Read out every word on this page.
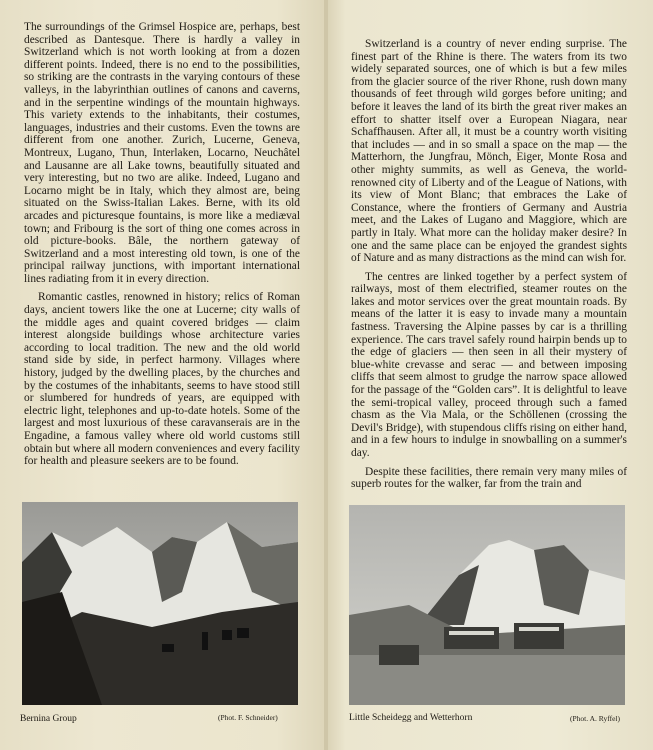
The surroundings of the Grimsel Hospice are, perhaps, best described as Dantesque. There is hardly a valley in Switzerland which is not worth looking at from a dozen different points. Indeed, there is no end to the possibilities, so striking are the contrasts in the varying contours of these valleys, in the labyrinthian outlines of canons and caverns, and in the serpentine windings of the mountain highways. This variety extends to the inhabitants, their costumes, languages, industries and their customs. Even the towns are different from one another. Zurich, Lucerne, Geneva, Montreux, Lugano, Thun, Interlaken, Locarno, Neuchâtel and Lausanne are all Lake towns, beautifully situated and very interesting, but no two are alike. Indeed, Lugano and Locarno might be in Italy, which they almost are, being situated on the Swiss-Italian Lakes. Berne, with its old arcades and picturesque fountains, is more like a mediæval town; and Fribourg is the sort of thing one comes across in old picture-books. Bâle, the northern gateway of Switzerland and a most interesting old town, is one of the principal railway junctions, with important international lines radiating from it in every direction.

Romantic castles, renowned in history; relics of Roman days, ancient towers like the one at Lucerne; city walls of the middle ages and quaint covered bridges — claim interest alongside buildings whose architecture varies according to local tradition. The new and the old world stand side by side, in perfect harmony. Villages where history, judged by the dwelling places, by the churches and by the costumes of the inhabitants, seems to have stood still or slumbered for hundreds of years, are equipped with electric light, telephones and up-to-date hotels. Some of the largest and most luxurious of these caravanserais are in the Engadine, a famous valley where old world customs still obtain but where all modern conveniences and every facility for health and pleasure seekers are to be found.

Switzerland is a country of never ending surprise. The finest part of the Rhine is there. The waters from its two widely separated sources, one of which is but a few miles from the glacier source of the river Rhone, rush down many thousands of feet through wild gorges before uniting; and before it leaves the land of its birth the great river makes an effort to shatter itself over a European Niagara, near Schaffhausen. After all, it must be a country worth visiting that includes — and in so small a space on the map — the Matterhorn, the Jungfrau, Mönch, Eiger, Monte Rosa and other mighty summits, as well as Geneva, the world-renowned city of Liberty and of the League of Nations, with its view of Mont Blanc; that embraces the Lake of Constance, where the frontiers of Germany and Austria meet, and the Lakes of Lugano and Maggiore, which are partly in Italy. What more can the holiday maker desire? In one and the same place can be enjoyed the grandest sights of Nature and as many distractions as the mind can wish for.

The centres are linked together by a perfect system of railways, most of them electrified, steamer routes on the lakes and motor services over the great mountain roads. By means of the latter it is easy to invade many a mountain fastness. Traversing the Alpine passes by car is a thrilling experience. The cars travel safely round hairpin bends up to the edge of glaciers — then seen in all their mystery of blue-white crevasse and serac — and between imposing cliffs that seem almost to grudge the narrow space allowed for the passage of the “Golden cars”. It is delightful to leave the semi-tropical valley, proceed through such a famed chasm as the Via Mala, or the Schöllenen (crossing the Devil's Bridge), with stupendous cliffs rising on either hand, and in a few hours to indulge in snowballing on a summer's day.

Despite these facilities, there remain very many miles of superb routes for the walker, far from the train and

Bernina Group	(Phot. F. Schneider)	Little Scheidegg and Wetterhorn	(Phot. A. Ryffel)
